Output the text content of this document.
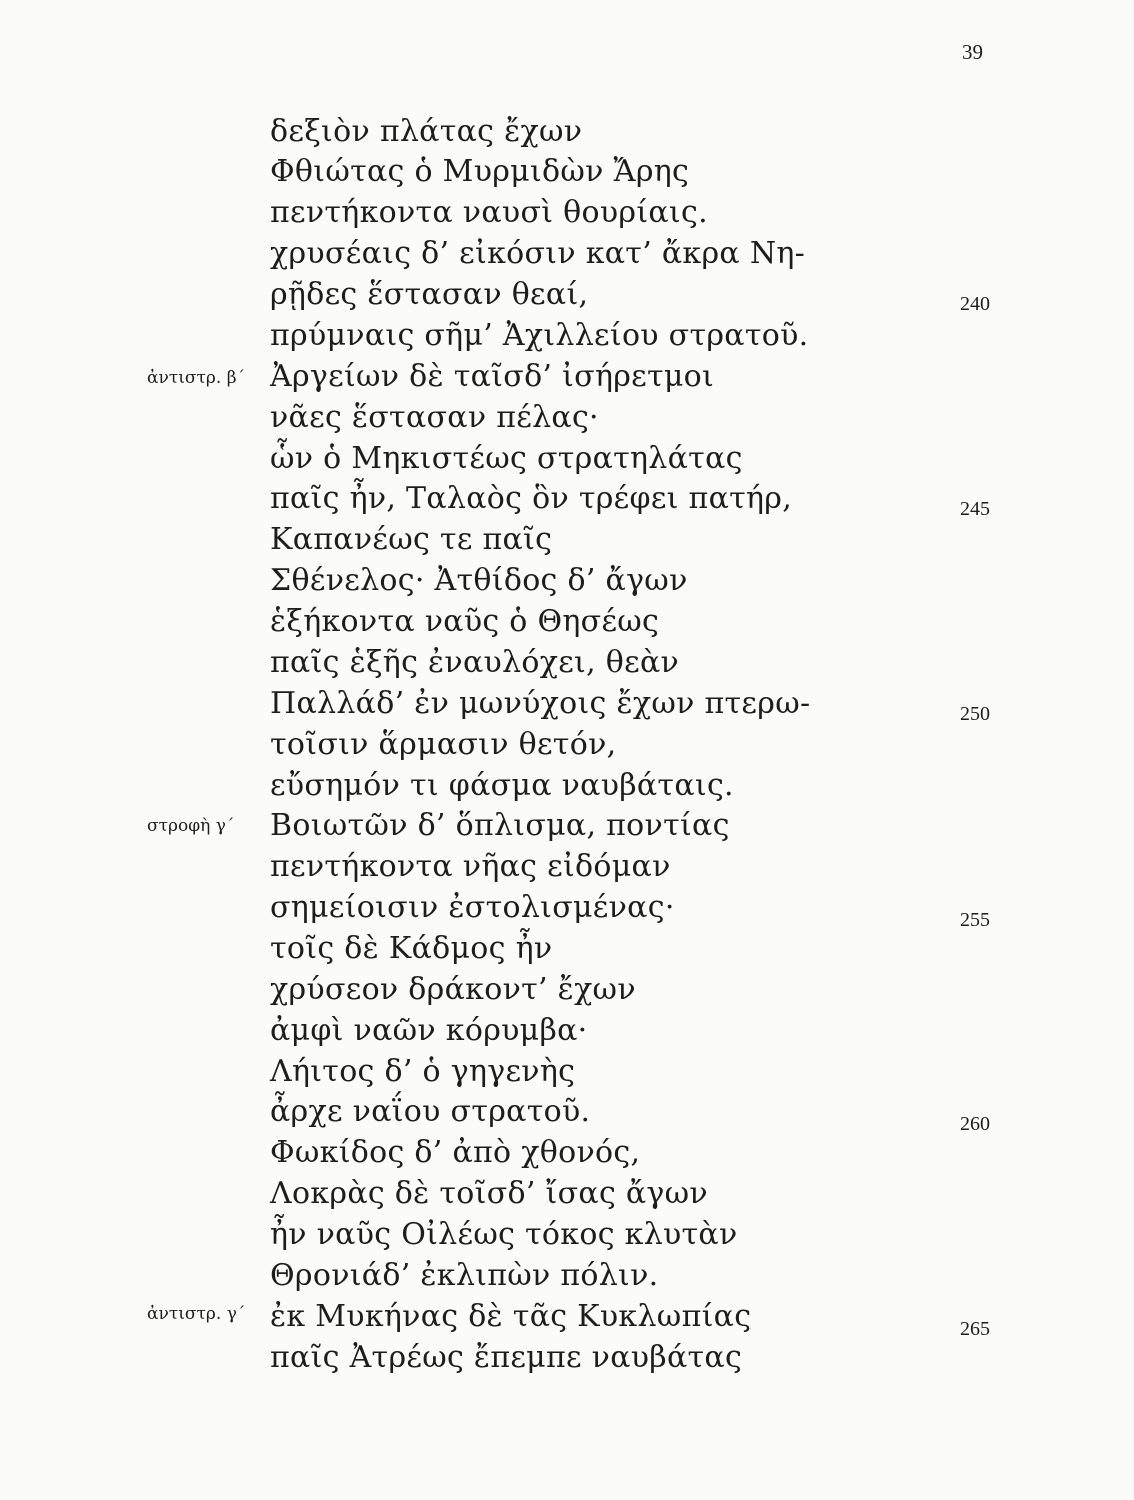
39
δεξιὸν πλάτας ἔχων
Φθιώτας ὁ Μυρμιδὼν Ἄρης
πεντήκοντα ναυσὶ θουρίαις.
χρυσέαις δ’ εἰκόσιν κατ’ ἄκρα Νη-
ρῇδες ἕστασαν θεαί,
πρύμναις σῆμ’ Ἀχιλλείου στρατοῦ.
Ἀργείων δὲ ταῖσδ’ ἰσήρετμοι
νᾶες ἕστασαν πέλας·
ὧν ὁ Μηκιστέως στρατηλάτας
παῖς ἦν, Ταλαὸς ὃν τρέφει πατήρ,
Καπανέως τε παῖς
Σθένελος· Ἀτθίδος δ’ ἄγων
ἑξήκοντα ναῦς ὁ Θησέως
παῖς ἑξῆς ἐναυλόχει, θεὰν
Παλλάδ’ ἐν μωνύχοις ἔχων πτερω-
τοῖσιν ἅρμασιν θετόν,
εὔσημόν τι φάσμα ναυβάταις.
Βοιωτῶν δ’ ὅπλισμα, ποντίας
πεντήκοντα νῆας εἰδόμαν
σημείοισιν ἐστολισμένας·
τοῖς δὲ Κάδμος ἦν
χρύσεον δράκοντ’ ἔχων
ἀμφὶ ναῶν κόρυμβα·
Λήιτος δ’ ὁ γηγενὴς
ἆρχε ναΐου στρατοῦ.
Φωκίδος δ’ ἀπὸ χθονός,
Λοκρὰς δὲ τοῖσδ’ ἴσας ἄγων
ἦν ναῦς Οἰλέως τόκος κλυτὰν
Θρονιάδ’ ἐκλιπὼν πόλιν.
ἐκ Μυκήνας δὲ τᾶς Κυκλωπίας
παῖς Ἀτρέως ἔπεμπε ναυβάτας
ἀντιστρ. β΄
στροφὴ γ΄
ἀντιστρ. γ΄
240
245
250
255
260
265
